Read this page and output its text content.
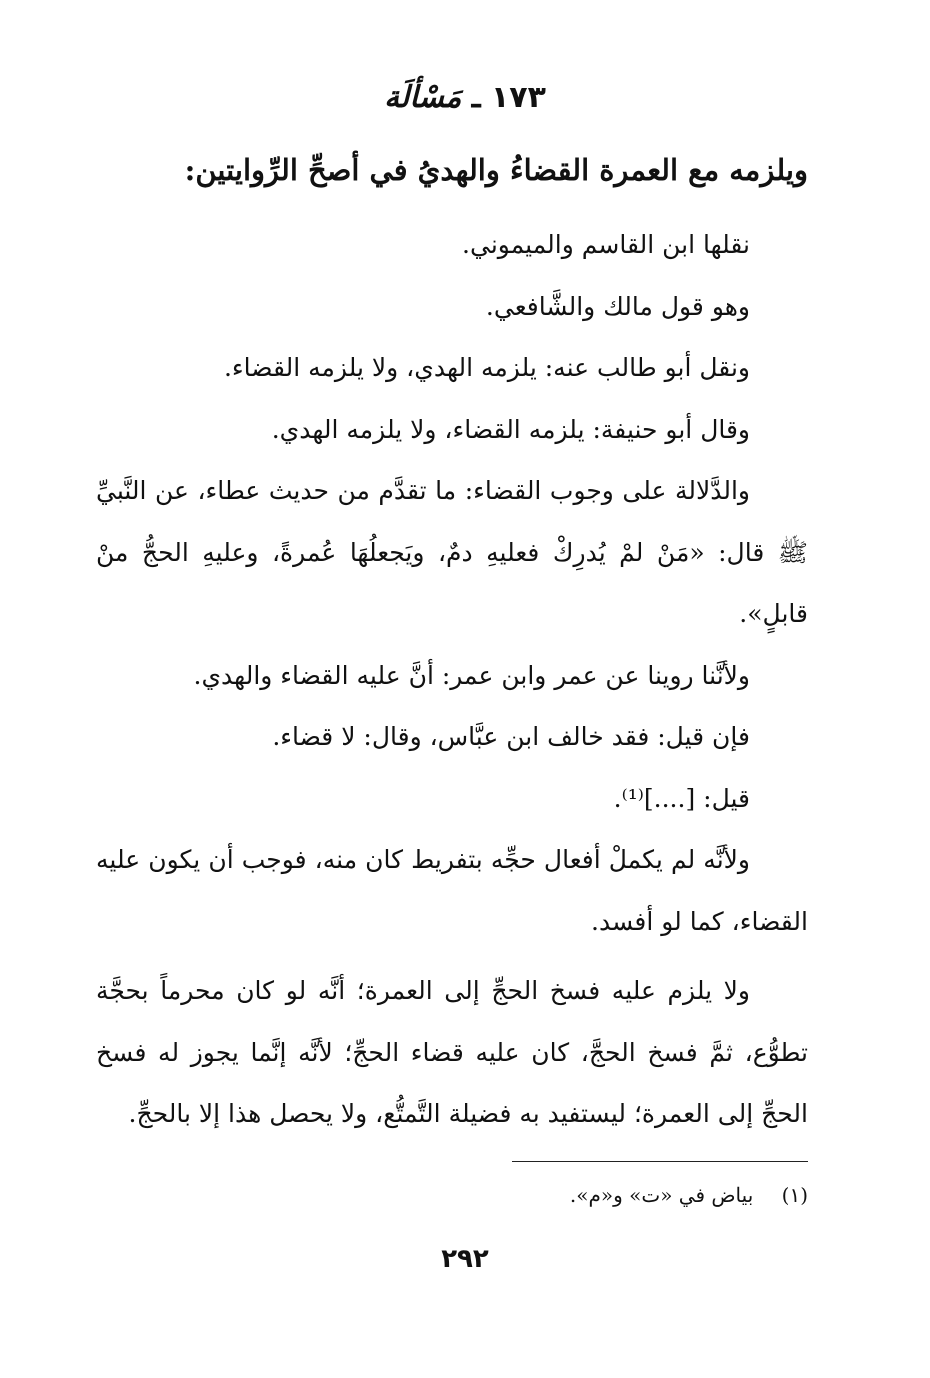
١٧٣ ـ مَسْألَة
ويلزمه مع العمرة القضاءُ والهديُ في أصحِّ الرِّوايتين:

نقلها ابن القاسم والميموني.

وهو قول مالك والشَّافعي.

ونقل أبو طالب عنه: يلزمه الهدي، ولا يلزمه القضاء.

وقال أبو حنيفة: يلزمه القضاء، ولا يلزمه الهدي.

والدَّلالة على وجوب القضاء: ما تقدَّم من حديث عطاء، عن النَّبيِّ ﷺ قال: «مَنْ لمْ يُدرِكْ فعليهِ دمٌ، ويَجعلُهَا عُمرةً، وعليهِ الحجُّ منْ قابلٍ».

ولأنَّنا روينا عن عمر وابن عمر: أنَّ عليه القضاء والهدي.

فإن قيل: فقد خالف ابن عبَّاس، وقال: لا قضاء.

قيل: [....]⁽¹⁾.

ولأنَّه لم يكملْ أفعال حجِّه بتفريط كان منه، فوجب أن يكون عليه القضاء، كما لو أفسد.

ولا يلزم عليه فسخ الحجِّ إلى العمرة؛ أنَّه لو كان محرماً بحجَّة تطوُّع، ثمَّ فسخ الحجَّ، كان عليه قضاء الحجِّ؛ لأنَّه إنَّما يجوز له فسخ الحجِّ إلى العمرة؛ ليستفيد به فضيلة التَّمتُّع، ولا يحصل هذا إلا بالحجِّ.

(١) بياض في «ت» و«م».
٢٩٢
